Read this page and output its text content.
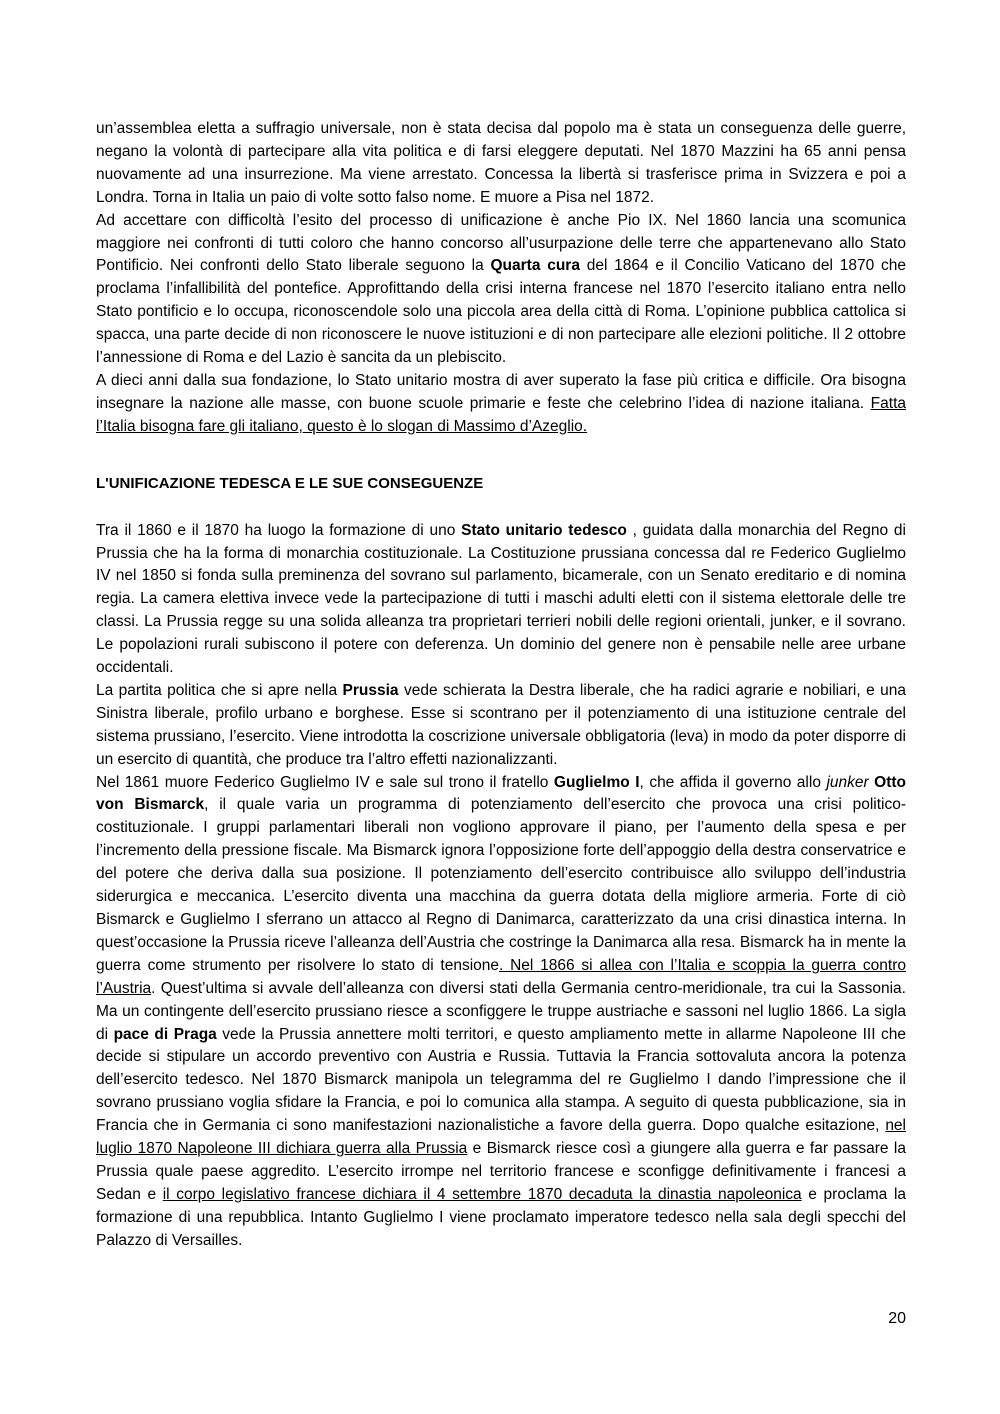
un’assemblea eletta a suffragio universale, non è stata decisa dal popolo ma è stata un conseguenza delle guerre, negano la volontà di partecipare alla vita politica e di farsi eleggere deputati. Nel 1870 Mazzini ha 65 anni pensa nuovamente ad una insurrezione. Ma viene arrestato. Concessa la libertà si trasferisce prima in Svizzera e poi a Londra. Torna in Italia un paio di volte sotto falso nome. E muore a Pisa nel 1872.

Ad accettare con difficoltà l’esito del processo di unificazione è anche Pio IX. Nel 1860 lancia una scomunica maggiore nei confronti di tutti coloro che hanno concorso all’usurpazione delle terre che appartenevano allo Stato Pontificio. Nei confronti dello Stato liberale seguono la Quarta cura del 1864 e il Concilio Vaticano del 1870 che proclama l’infallibilità del pontefice. Approfittando della crisi interna francese nel 1870 l’esercito italiano entra nello Stato pontificio e lo occupa, riconoscendole solo una piccola area della città di Roma. L’opinione pubblica cattolica si spacca, una parte decide di non riconoscere le nuove istituzioni e di non partecipare alle elezioni politiche. Il 2 ottobre l’annessione di Roma e del Lazio è sancita da un plebiscito.

A dieci anni dalla sua fondazione, lo Stato unitario mostra di aver superato la fase più critica e difficile. Ora bisogna insegnare la nazione alle masse, con buone scuole primarie e feste che celebrino l’idea di nazione italiana. Fatta l’Italia bisogna fare gli italiano, questo è lo slogan di Massimo d’Azeglio.

L'UNIFICAZIONE TEDESCA E LE SUE CONSEGUENZE

Tra il 1860 e il 1870 ha luogo la formazione di uno Stato unitario tedesco , guidata dalla monarchia del Regno di Prussia che ha la forma di monarchia costituzionale. La Costituzione prussiana concessa dal re Federico Guglielmo IV nel 1850 si fonda sulla preminenza del sovrano sul parlamento, bicamerale, con un Senato ereditario e di nomina regia. La camera elettiva invece vede la partecipazione di tutti i maschi adulti eletti con il sistema elettorale delle tre classi. La Prussia regge su una solida alleanza tra proprietari terrieri nobili delle regioni orientali, junker, e il sovrano. Le popolazioni rurali subiscono il potere con deferenza. Un dominio del genere non è pensabile nelle aree urbane occidentali.

La partita politica che si apre nella Prussia vede schierata la Destra liberale, che ha radici agrarie e nobiliari, e una Sinistra liberale, profilo urbano e borghese. Esse si scontrano per il potenziamento di una istituzione centrale del sistema prussiano, l’esercito. Viene introdotta la coscrizione universale obbligatoria (leva) in modo da poter disporre di un esercito di quantità, che produce tra l’altro effetti nazionalizzanti.

Nel 1861 muore Federico Guglielmo IV e sale sul trono il fratello Guglielmo I, che affida il governo allo junker Otto von Bismarck, il quale varia un programma di potenziamento dell’esercito che provoca una crisi politico-costituzionale. I gruppi parlamentari liberali non vogliono approvare il piano, per l’aumento della spesa e per l’incremento della pressione fiscale. Ma Bismarck ignora l’opposizione forte dell’appoggio della destra conservatrice e del potere che deriva dalla sua posizione. Il potenziamento dell’esercito contribuisce allo sviluppo dell’industria siderurgica e meccanica. L’esercito diventa una macchina da guerra dotata della migliore armeria. Forte di ciò Bismarck e Guglielmo I sferrano un attacco al Regno di Danimarca, caratterizzato da una crisi dinastica interna. In quest’occasione la Prussia riceve l’alleanza dell’Austria che costringe la Danimarca alla resa. Bismarck ha in mente la guerra come strumento per risolvere lo stato di tensione. Nel 1866 si allea con l’Italia e scoppia la guerra contro l’Austria. Quest’ultima si avvale dell’alleanza con diversi stati della Germania centro-meridionale, tra cui la Sassonia. Ma un contingente dell’esercito prussiano riesce a sconfiggere le truppe austriache e sassoni nel luglio 1866. La sigla di pace di Praga vede la Prussia annettere molti territori, e questo ampliamento mette in allarme Napoleone III che decide si stipulare un accordo preventivo con Austria e Russia. Tuttavia la Francia sottovaluta ancora la potenza dell’esercito tedesco. Nel 1870 Bismarck manipola un telegramma del re Guglielmo I dando l’impressione che il sovrano prussiano voglia sfidare la Francia, e poi lo comunica alla stampa. A seguito di questa pubblicazione, sia in Francia che in Germania ci sono manifestazioni nazionalistiche a favore della guerra. Dopo qualche esitazione, nel luglio 1870 Napoleone III dichiara guerra alla Prussia e Bismarck riesce così a giungere alla guerra e far passare la Prussia quale paese aggredito. L’esercito irrompe nel territorio francese e sconfigge definitivamente i francesi a Sedan e il corpo legislativo francese dichiara il 4 settembre 1870 decaduta la dinastia napoleonica e proclama la formazione di una repubblica. Intanto Guglielmo I viene proclamato imperatore tedesco nella sala degli specchi del Palazzo di Versailles.

20
